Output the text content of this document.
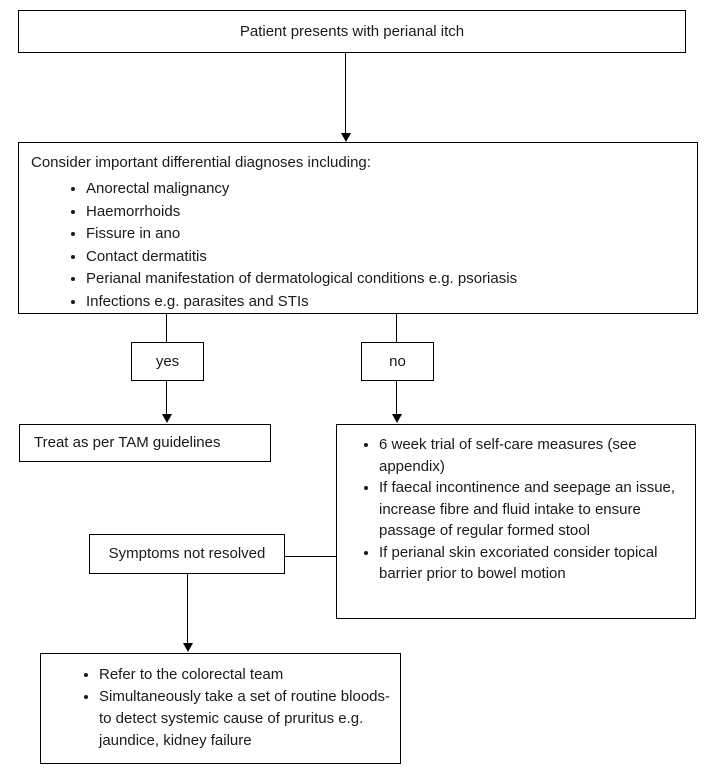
Patient presents with perianal itch
Consider important differential diagnoses including:
• Anorectal malignancy
• Haemorrhoids
• Fissure in ano
• Contact dermatitis
• Perianal manifestation of dermatological conditions e.g. psoriasis
• Infections e.g. parasites and STIs
yes	no
Treat as per TAM guidelines	• 6 week trial of self-care measures (see appendix)
• If faecal incontinence and seepage an issue, increase fibre and fluid intake to ensure passage of regular formed stool
• If perianal skin excoriated consider topical barrier prior to bowel motion
Symptoms not resolved
• Refer to the colorectal team
• Simultaneously take a set of routine bloods-to detect systemic cause of pruritus e.g. jaundice, kidney failure
